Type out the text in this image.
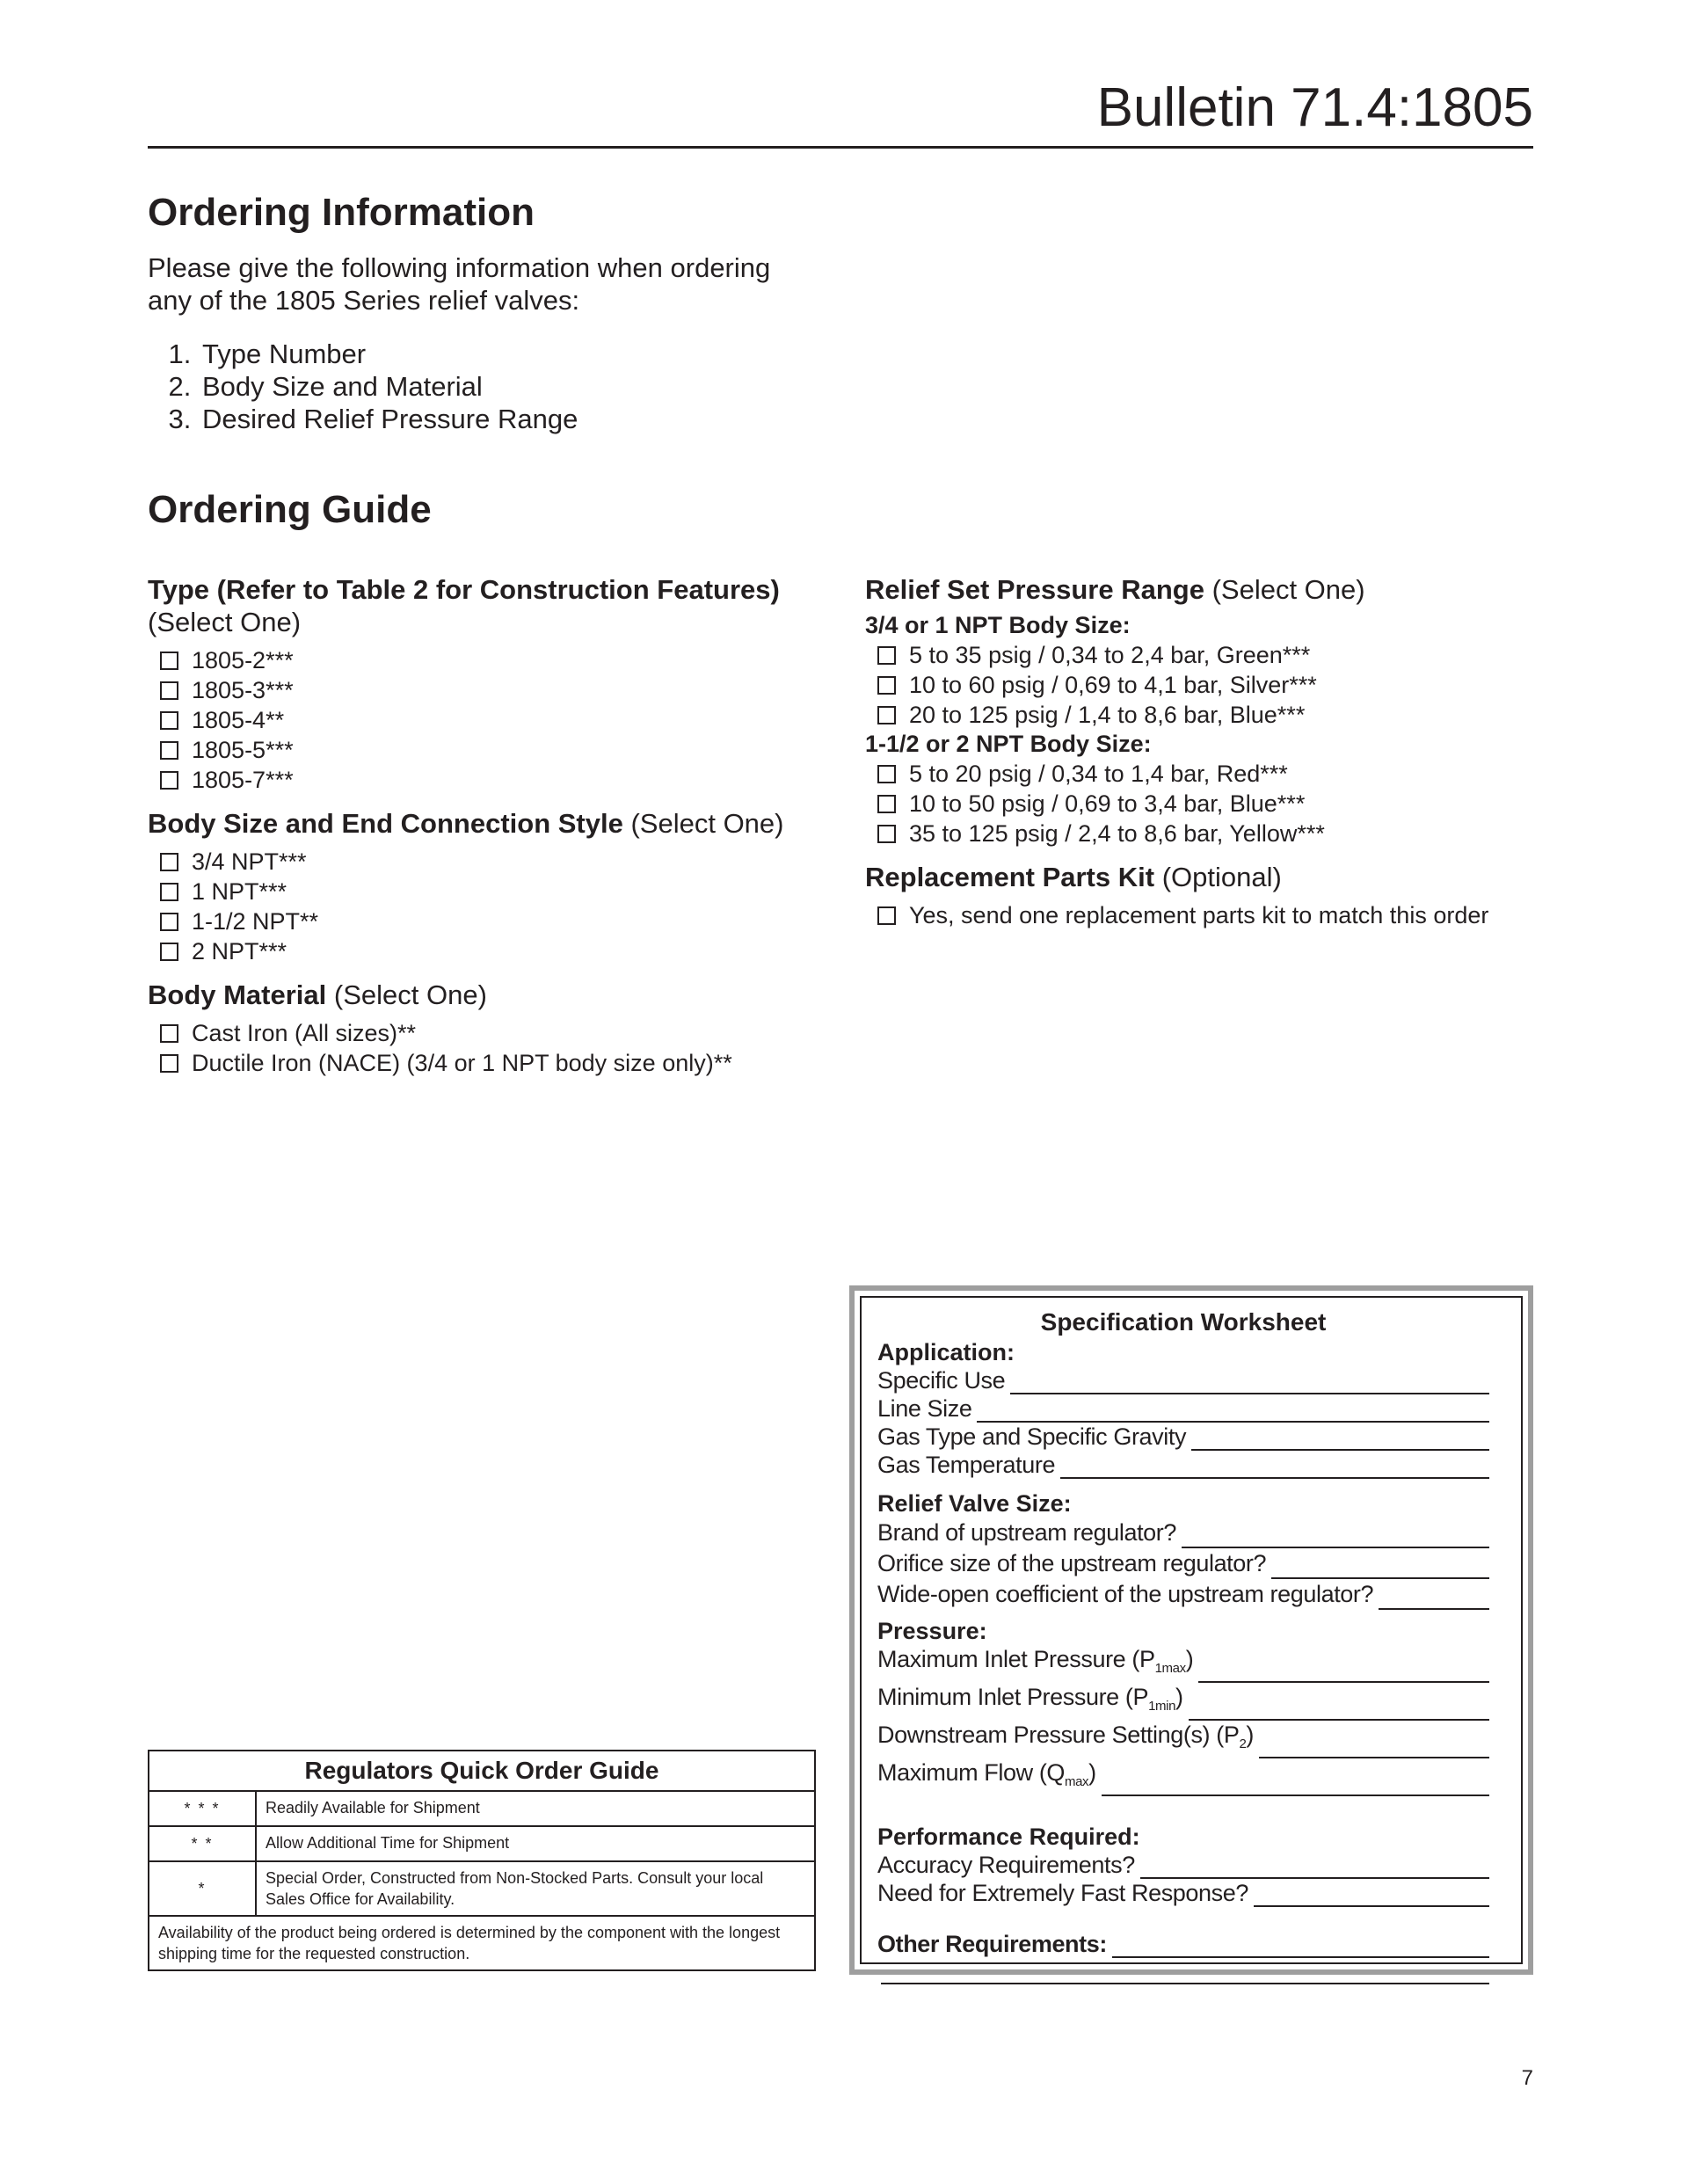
Bulletin 71.4:1805
Ordering Information
Please give the following information when ordering any of the 1805 Series relief valves:
1. Type Number
2. Body Size and Material
3. Desired Relief Pressure Range
Ordering Guide
Type (Refer to Table 2 for Construction Features)
(Select One)
1805-2***
1805-3***
1805-4**
1805-5***
1805-7***
Body Size and End Connection Style (Select One)
3/4 NPT***
1 NPT***
1-1/2 NPT**
2 NPT***
Body Material (Select One)
Cast Iron (All sizes)**
Ductile Iron (NACE) (3/4 or 1 NPT body size only)**
Relief Set Pressure Range (Select One)
3/4 or 1 NPT Body Size:
5 to 35 psig / 0,34 to 2,4 bar, Green***
10 to 60 psig / 0,69 to 4,1 bar, Silver***
20 to 125 psig / 1,4 to 8,6 bar, Blue***
1-1/2 or 2 NPT Body Size:
5 to 20 psig / 0,34 to 1,4 bar, Red***
10 to 50 psig / 0,69 to 3,4 bar, Blue***
35 to 125 psig / 2,4 to 8,6 bar, Yellow***
Replacement Parts Kit (Optional)
Yes, send one replacement parts kit to match this order
Regulators Quick Order Guide
* * *	Readily Available for Shipment
* *	Allow Additional Time for Shipment
*
Special Order, Constructed from Non-Stocked Parts. Consult your local Sales Office for Availability.
Availability of the product being ordered is determined by the component with the longest shipping time for the requested construction.
Specification Worksheet
Application:
Specific Use
Line Size
Gas Type and Specific Gravity
Gas Temperature
Relief Valve Size:
Brand of upstream regulator?
Orifice size of the upstream regulator?
Wide-open coefficient of the upstream regulator?
Pressure:
Maximum Inlet Pressure $(P_{1max})$
Minimum Inlet Pressure $(P_{1min})$
Downstream Pressure Setting(s) $(P_2)$
Maximum Flow $(Q_{max})$
Performance Required:
Accuracy Requirements?
Need for Extremely Fast Response?
Other Requirements:
7
